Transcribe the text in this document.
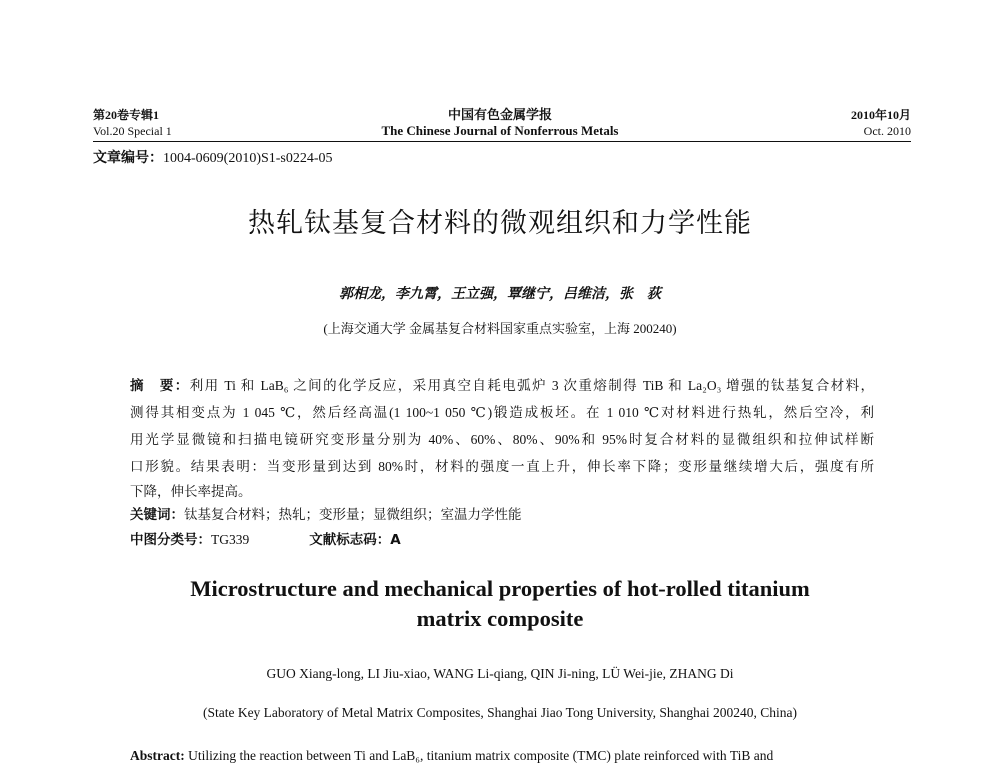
第20卷专辑1
Vol.20 Special 1
中国有色金属学报
The Chinese Journal of Nonferrous Metals
2010年10月
Oct. 2010
文章编号：1004-0609(2010)S1-s0224-05
热轧钛基复合材料的微观组织和力学性能
郭相龙，李九霄，王立强，覃继宁，吕维洁，张　荻
(上海交通大学 金属基复合材料国家重点实验室，上海 200240)
摘　要：利用 Ti 和 LaB₆ 之间的化学反应，采用真空自耗电弧炉 3 次重熔制得 TiB 和 La₂O₃ 增强的钛基复合材料，
测得其相变点为 1 045 ℃，然后经高温(1 100~1 050 ℃)锻造成板坯。在 1 010 ℃对材料进行热轧，然后空冷，利
用光学显微镜和扫描电镜研究变形量分别为 40%、60%、80%、90%和 95%时复合材料的显微组织和拉伸试样断
口形貌。结果表明：当变形量到达到 80%时，材料的强度一直上升，伸长率下降；变形量继续增大后，强度有所
下降，伸长率提高。
关键词：钛基复合材料；热轧；变形量；显微组织；室温力学性能
中图分类号：TG339	文献标志码：A
Microstructure and mechanical properties of hot-rolled titanium
matrix composite
GUO Xiang-long, LI Jiu-xiao, WANG Li-qiang, QIN Ji-ning, LÜ Wei-jie, ZHANG Di
(State Key Laboratory of Metal Matrix Composites, Shanghai Jiao Tong University, Shanghai 200240, China)
Abstract: Utilizing the reaction between Ti and LaB₆, titanium matrix composite (TMC) plate reinforced with TiB and
